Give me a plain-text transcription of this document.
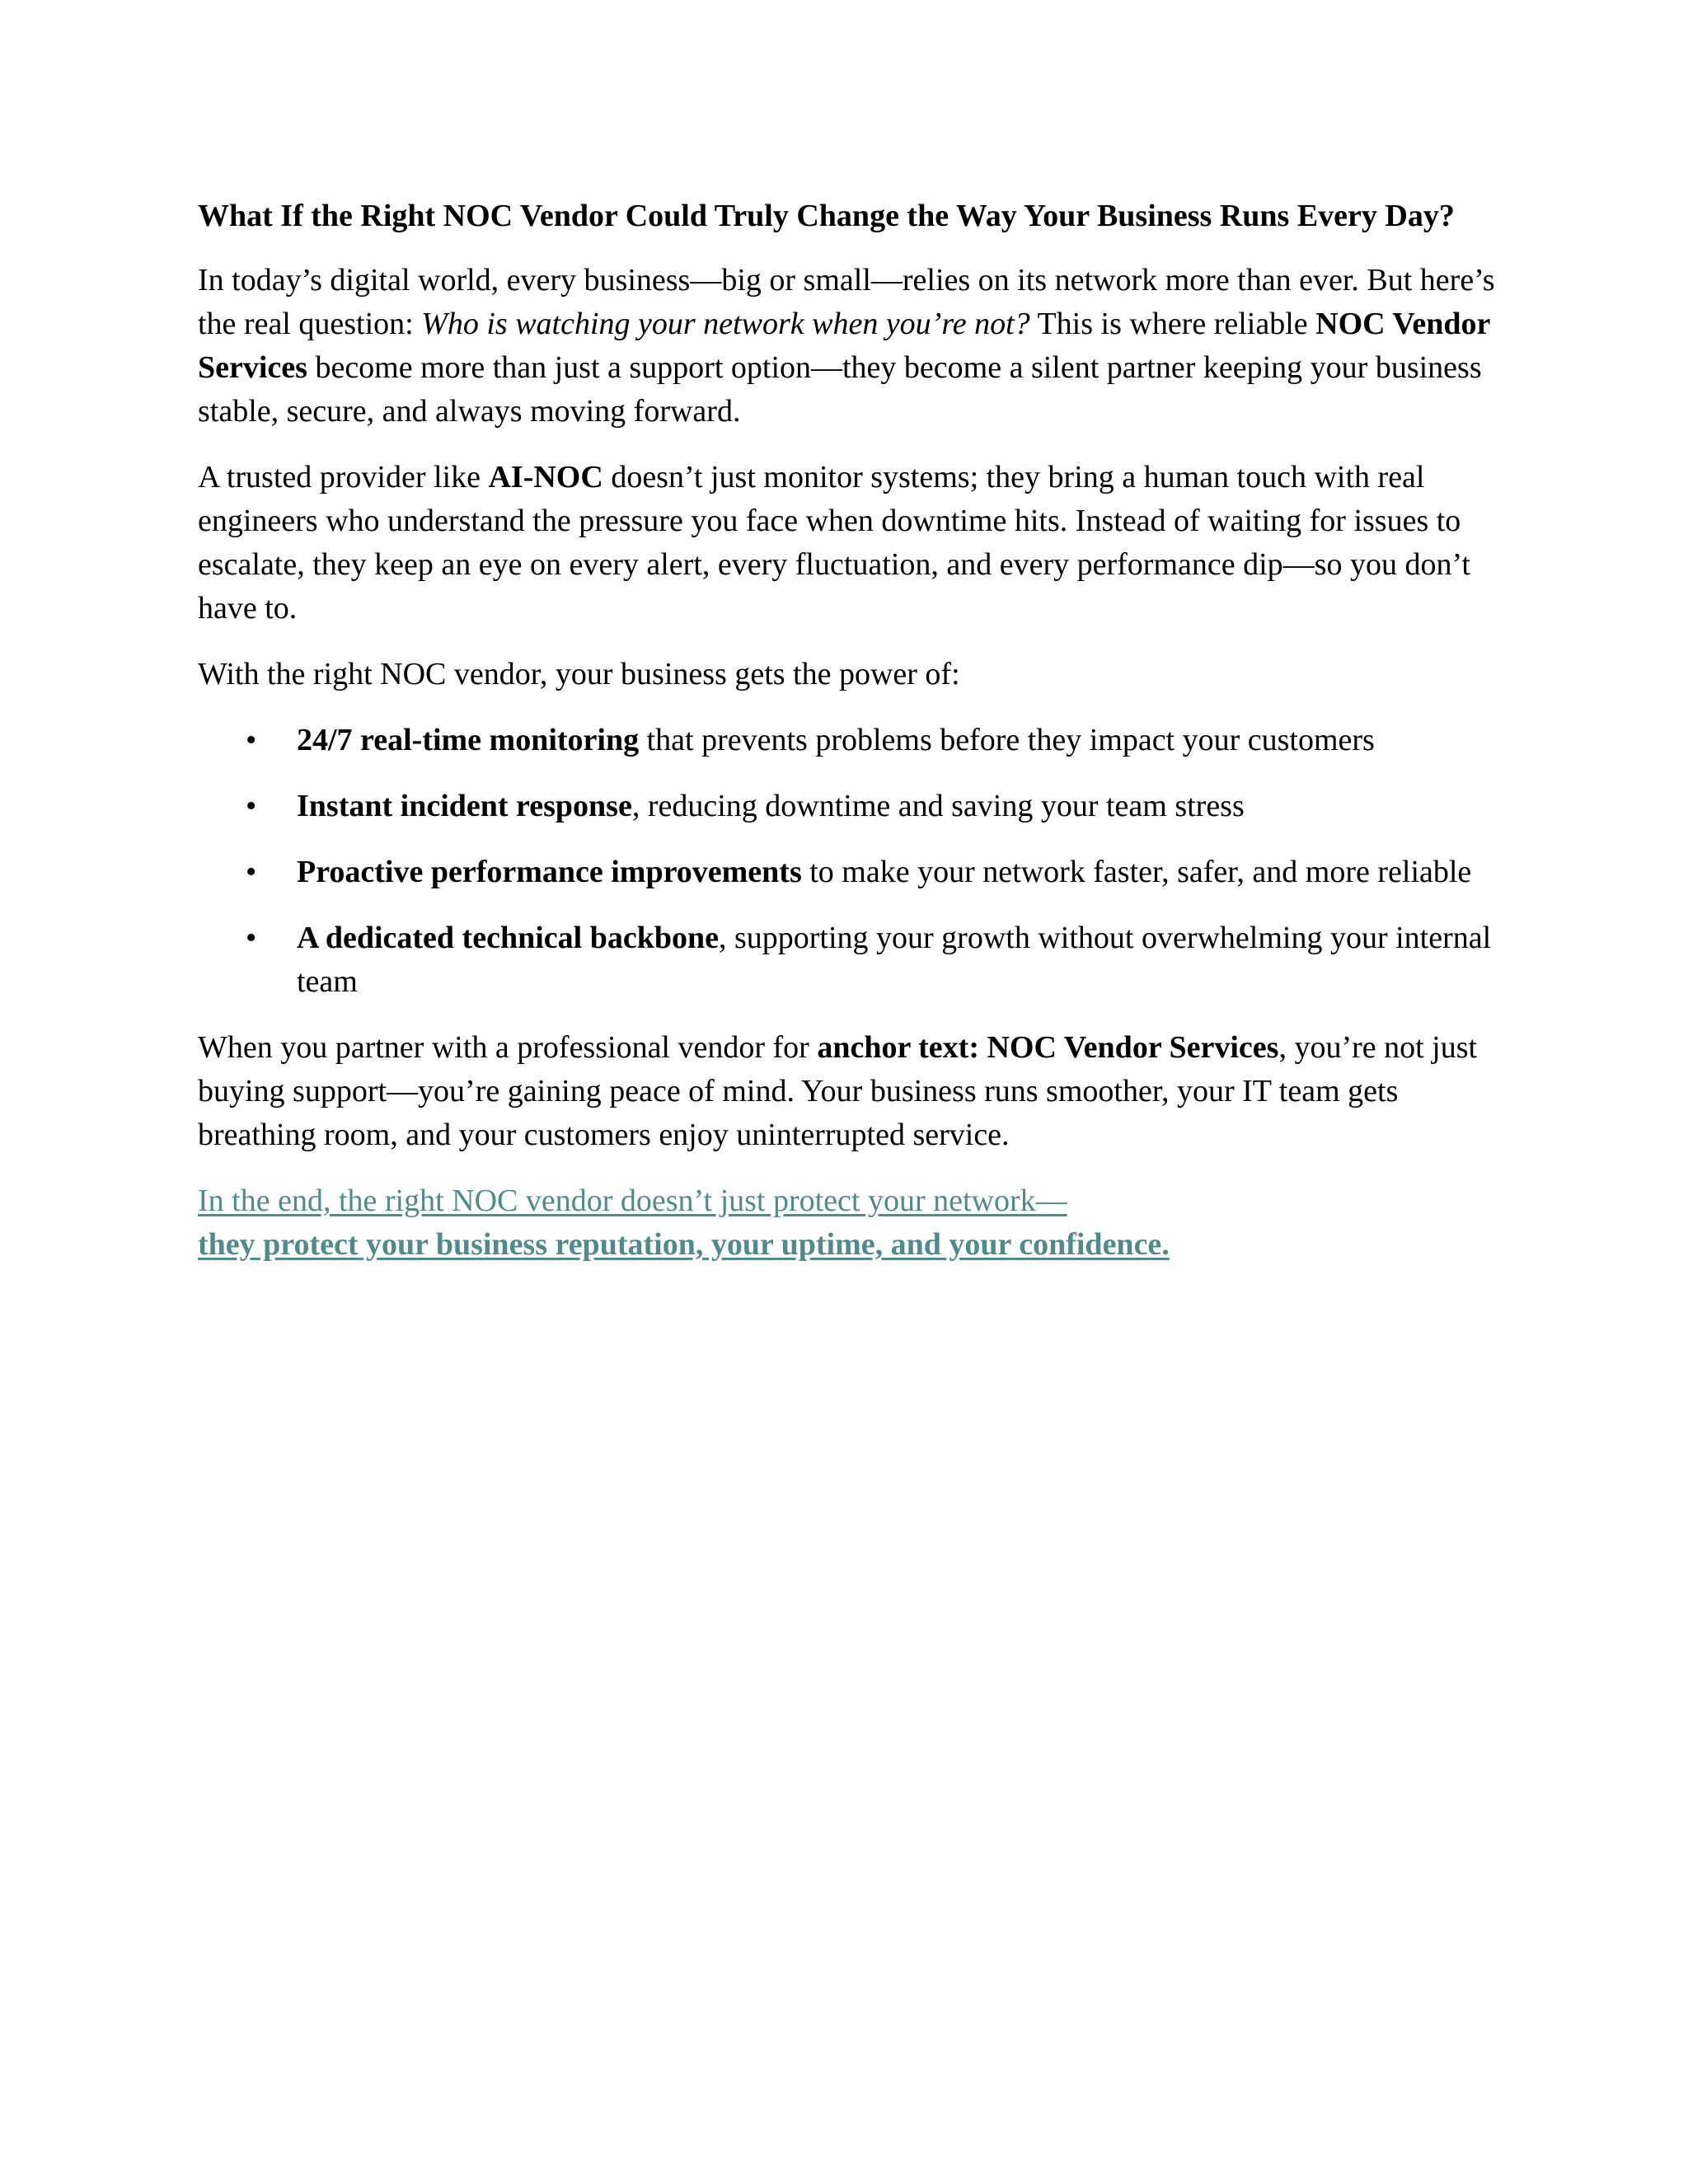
What If the Right NOC Vendor Could Truly Change the Way Your Business Runs Every Day?

In today’s digital world, every business—big or small—relies on its network more than ever. But here’s the real question: Who is watching your network when you’re not? This is where reliable NOC Vendor Services become more than just a support option—they become a silent partner keeping your business stable, secure, and always moving forward.

A trusted provider like AI-NOC doesn’t just monitor systems; they bring a human touch with real engineers who understand the pressure you face when downtime hits. Instead of waiting for issues to escalate, they keep an eye on every alert, every fluctuation, and every performance dip—so you don’t have to.

With the right NOC vendor, your business gets the power of:

• 24/7 real-time monitoring that prevents problems before they impact your customers
• Instant incident response, reducing downtime and saving your team stress
• Proactive performance improvements to make your network faster, safer, and more reliable
• A dedicated technical backbone, supporting your growth without overwhelming your internal team

When you partner with a professional vendor for anchor text: NOC Vendor Services, you’re not just buying support—you’re gaining peace of mind. Your business runs smoother, your IT team gets breathing room, and your customers enjoy uninterrupted service.

In the end, the right NOC vendor doesn’t just protect your network—
they protect your business reputation, your uptime, and your confidence.
